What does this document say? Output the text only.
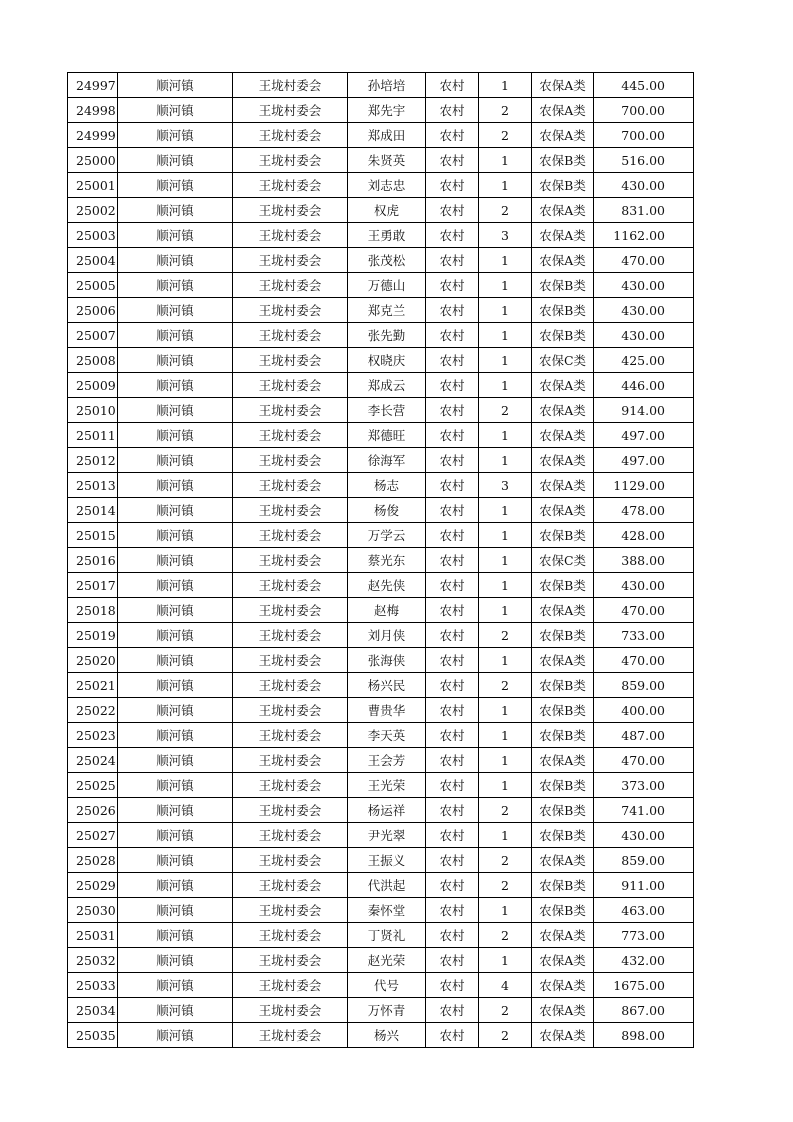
24997	顺河镇	王垅村委会	孙培培	农村	1	农保A类	445.00
24998	顺河镇	王垅村委会	郑先宇	农村	2	农保A类	700.00
24999	顺河镇	王垅村委会	郑成田	农村	2	农保A类	700.00
25000	顺河镇	王垅村委会	朱贤英	农村	1	农保B类	516.00
25001	顺河镇	王垅村委会	刘志忠	农村	1	农保B类	430.00
25002	顺河镇	王垅村委会	权虎	农村	2	农保A类	831.00
25003	顺河镇	王垅村委会	王勇敢	农村	3	农保A类	1162.00
25004	顺河镇	王垅村委会	张茂松	农村	1	农保A类	470.00
25005	顺河镇	王垅村委会	万德山	农村	1	农保B类	430.00
25006	顺河镇	王垅村委会	郑克兰	农村	1	农保B类	430.00
25007	顺河镇	王垅村委会	张先勤	农村	1	农保B类	430.00
25008	顺河镇	王垅村委会	权晓庆	农村	1	农保C类	425.00
25009	顺河镇	王垅村委会	郑成云	农村	1	农保A类	446.00
25010	顺河镇	王垅村委会	李长营	农村	2	农保A类	914.00
25011	顺河镇	王垅村委会	郑德旺	农村	1	农保A类	497.00
25012	顺河镇	王垅村委会	徐海军	农村	1	农保A类	497.00
25013	顺河镇	王垅村委会	杨志	农村	3	农保A类	1129.00
25014	顺河镇	王垅村委会	杨俊	农村	1	农保A类	478.00
25015	顺河镇	王垅村委会	万学云	农村	1	农保B类	428.00
25016	顺河镇	王垅村委会	蔡光东	农村	1	农保C类	388.00
25017	顺河镇	王垅村委会	赵先侠	农村	1	农保B类	430.00
25018	顺河镇	王垅村委会	赵梅	农村	1	农保A类	470.00
25019	顺河镇	王垅村委会	刘月侠	农村	2	农保B类	733.00
25020	顺河镇	王垅村委会	张海侠	农村	1	农保A类	470.00
25021	顺河镇	王垅村委会	杨兴民	农村	2	农保B类	859.00
25022	顺河镇	王垅村委会	曹贵华	农村	1	农保B类	400.00
25023	顺河镇	王垅村委会	李天英	农村	1	农保B类	487.00
25024	顺河镇	王垅村委会	王会芳	农村	1	农保A类	470.00
25025	顺河镇	王垅村委会	王光荣	农村	1	农保B类	373.00
25026	顺河镇	王垅村委会	杨运祥	农村	2	农保B类	741.00
25027	顺河镇	王垅村委会	尹光翠	农村	1	农保B类	430.00
25028	顺河镇	王垅村委会	王振义	农村	2	农保A类	859.00
25029	顺河镇	王垅村委会	代洪起	农村	2	农保B类	911.00
25030	顺河镇	王垅村委会	秦怀堂	农村	1	农保B类	463.00
25031	顺河镇	王垅村委会	丁贤礼	农村	2	农保A类	773.00
25032	顺河镇	王垅村委会	赵光荣	农村	1	农保A类	432.00
25033	顺河镇	王垅村委会	代号	农村	4	农保A类	1675.00
25034	顺河镇	王垅村委会	万怀青	农村	2	农保A类	867.00
25035	顺河镇	王垅村委会	杨兴	农村	2	农保A类	898.00
